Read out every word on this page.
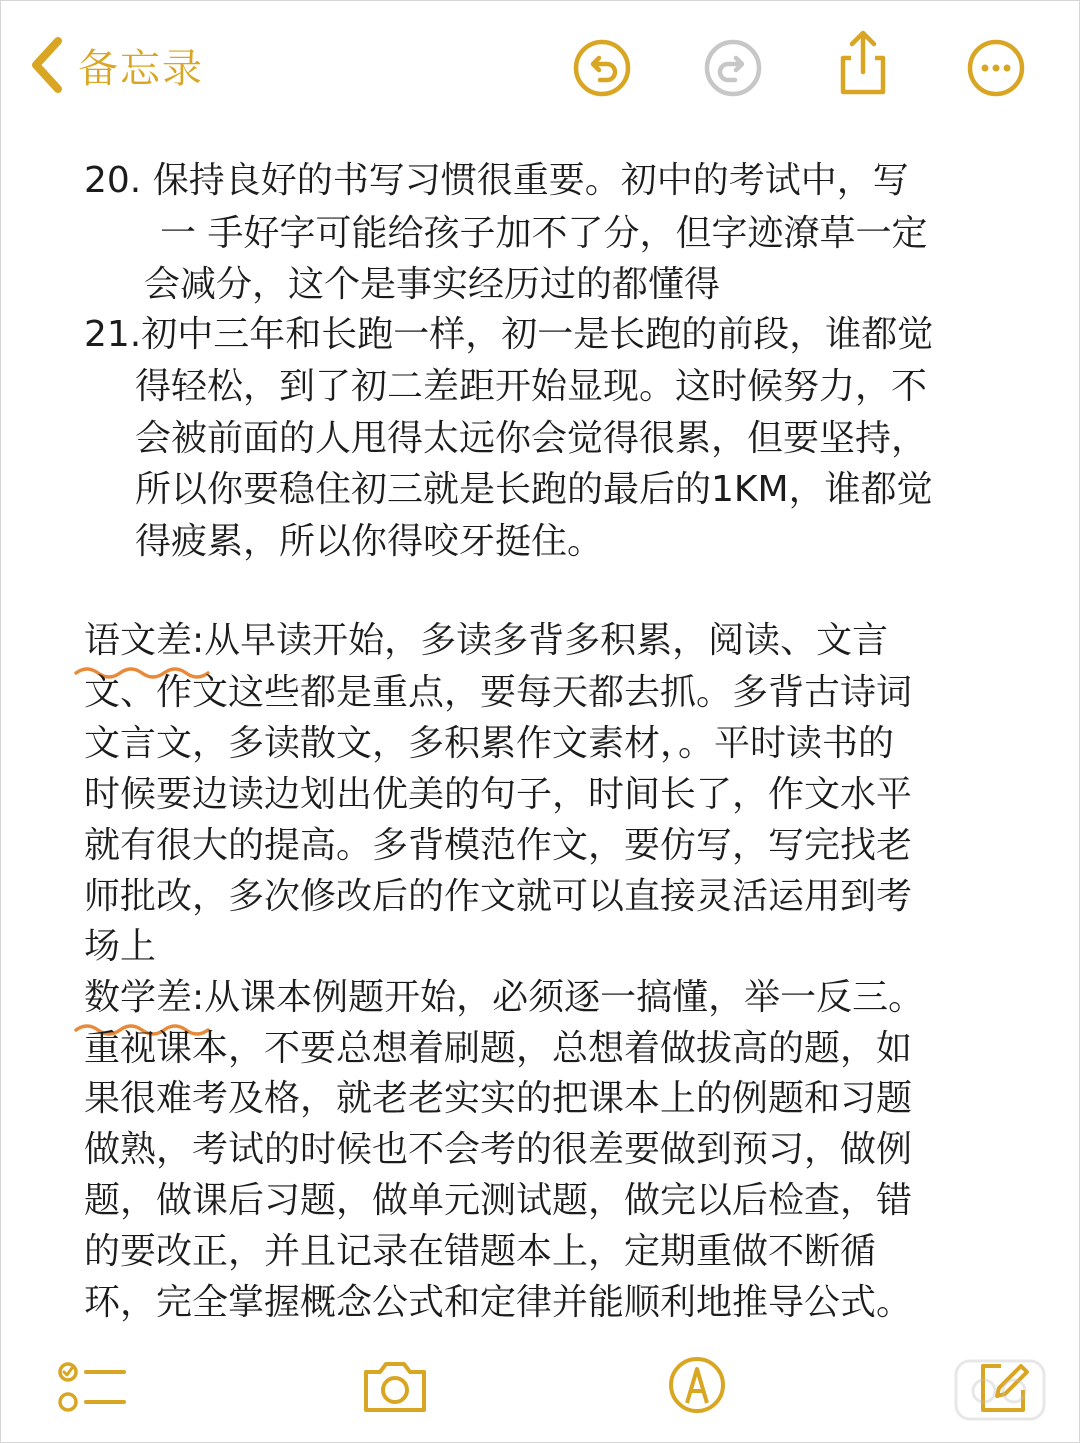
备忘录
20. 保持良好的书写习惯很重要。初中的考试中，写
一 手好字可能给孩子加不了分，但字迹潦草一定
会减分，这个是事实经历过的都懂得
21.初中三年和长跑一样，初一是长跑的前段，谁都觉
得轻松，到了初二差距开始显现。这时候努力，不
会被前面的人甩得太远你会觉得很累，但要坚持，
所以你要稳住初三就是长跑的最后的1KM，谁都觉
得疲累，所以你得咬牙挺住。
语文差
:从早读开始，多读多背多积累，阅读、文言
文、作文这些都是重点，要每天都去抓。多背古诗词
文言文，多读散文，多积累作文素材，。平时读书的
时候要边读边划出优美的句子，时间长了，作文水平
就有很大的提高。多背模范作文，要仿写，写完找老
师批改，多次修改后的作文就可以直接灵活运用到考
场上
数学差
:从课本例题开始，必须逐一搞懂，举一反三。
重视课本，不要总想着刷题，总想着做拔高的题，如
果很难考及格，就老老实实的把课本上的例题和习题
做熟，考试的时候也不会考的很差要做到预习，做例
题，做课后习题，做单元测试题，做完以后检查，错
的要改正，并且记录在错题本上，定期重做不断循
环，完全掌握概念公式和定律并能顺利地推导公式。
